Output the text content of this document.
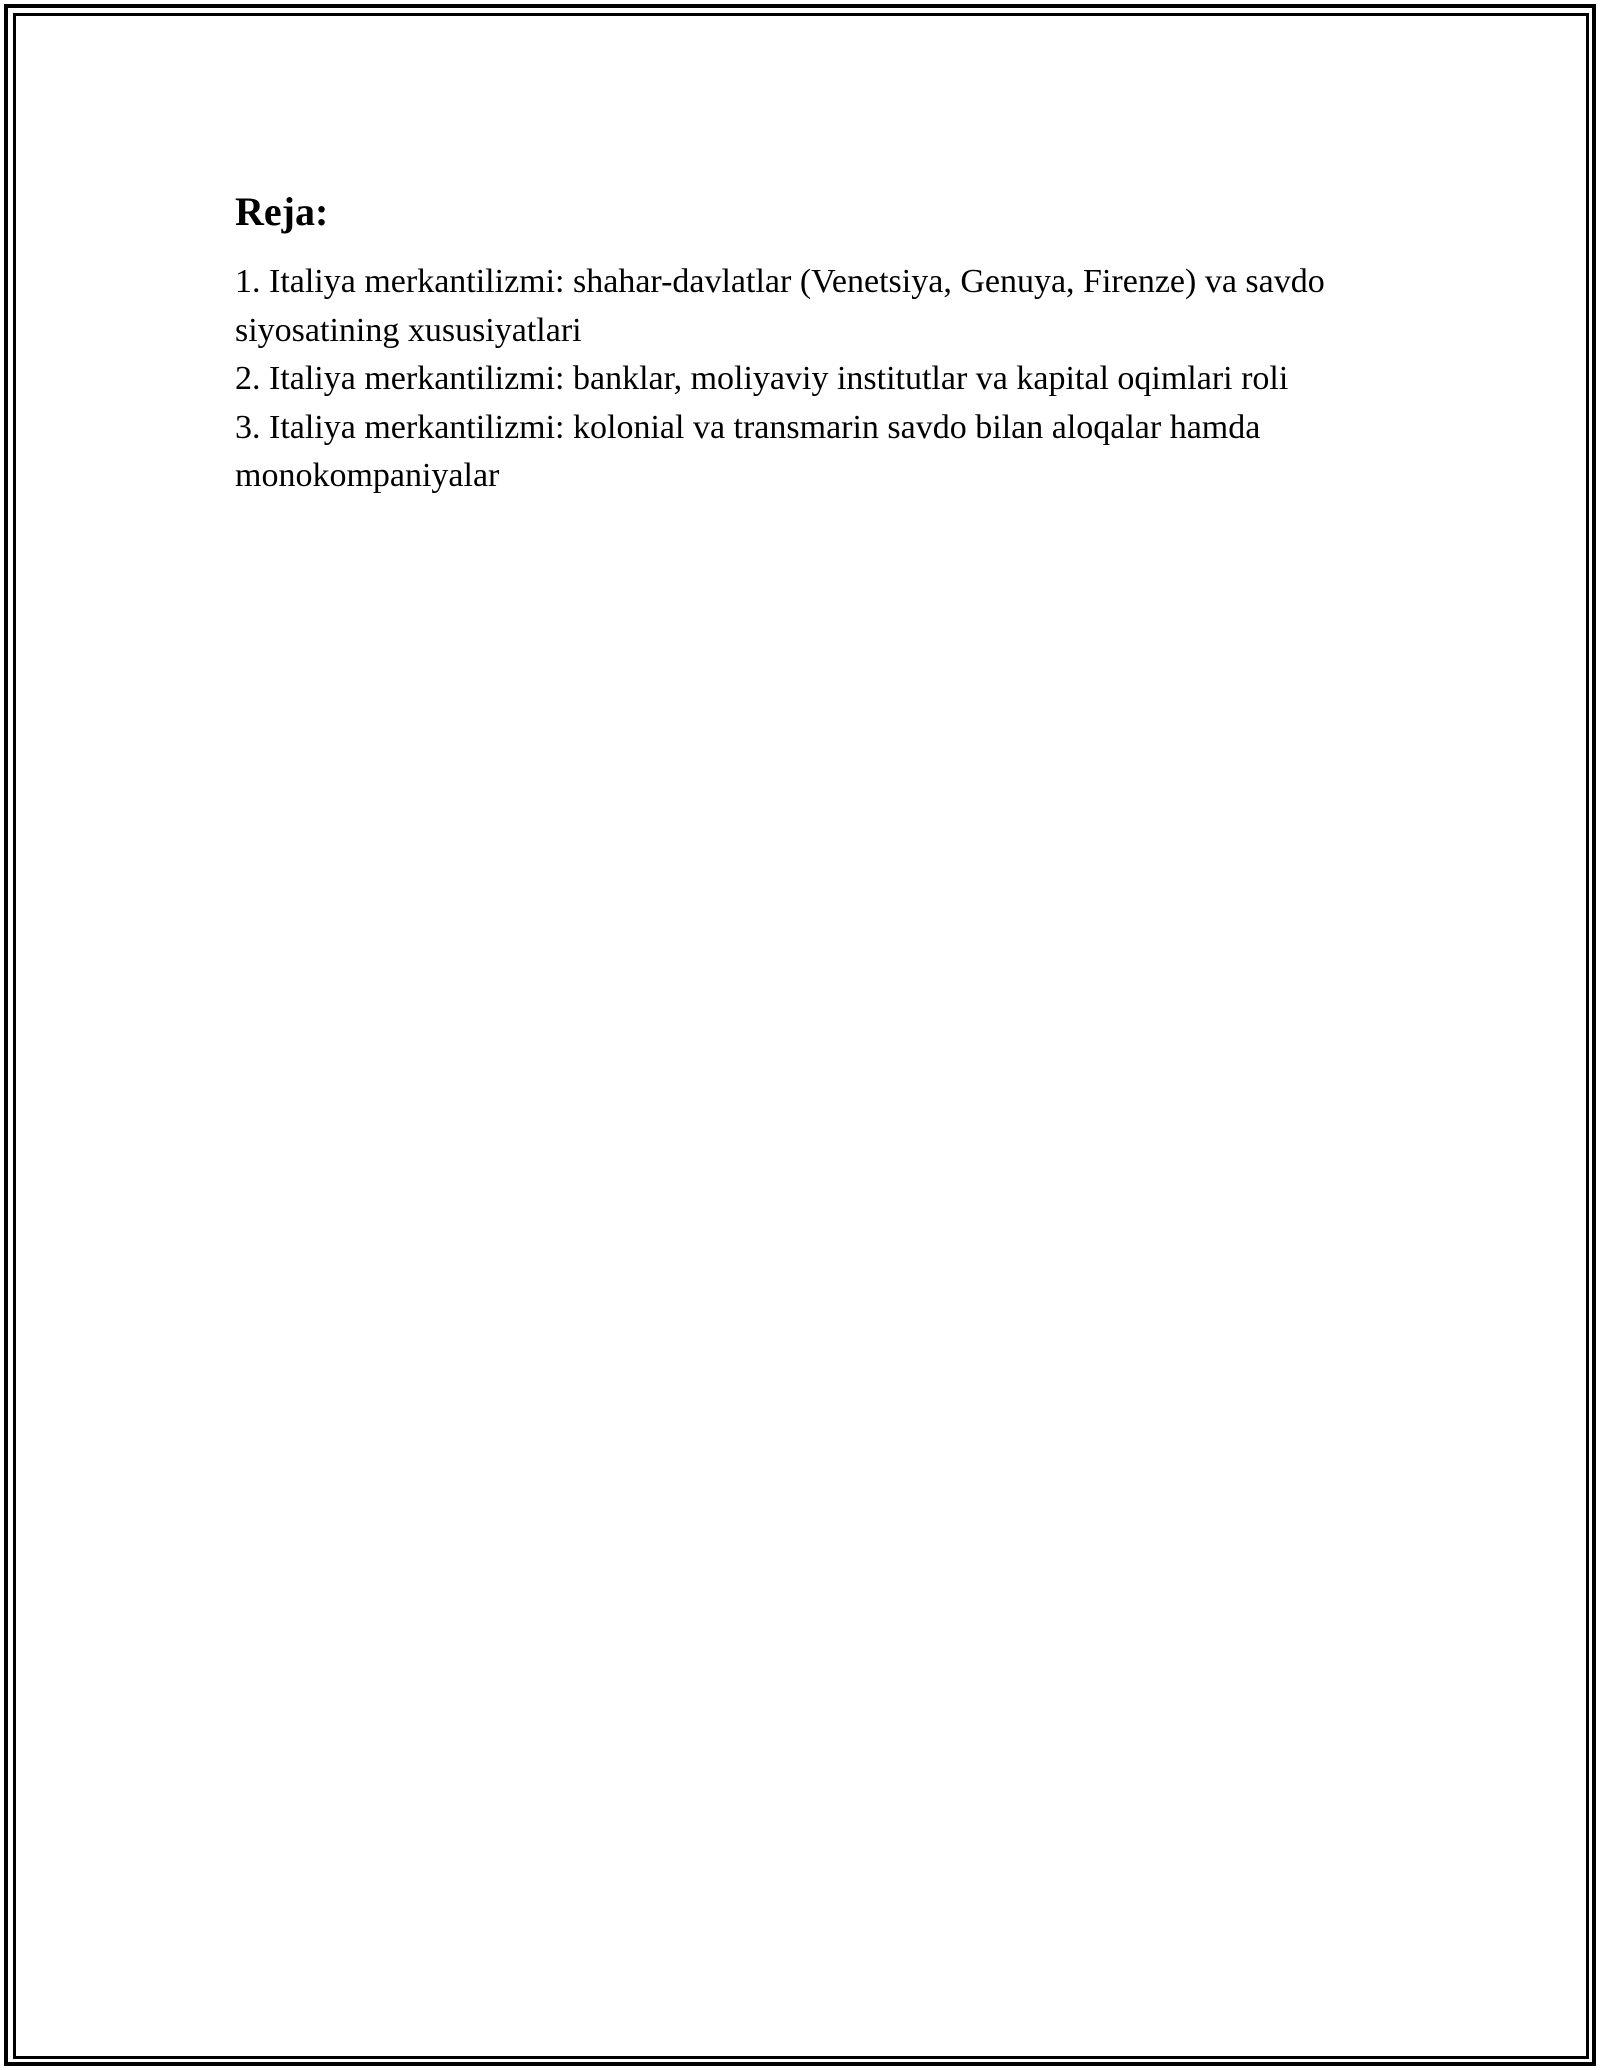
Reja:
1. Italiya merkantilizmi: shahar-davlatlar (Venetsiya, Genuya, Firenze) va savdo siyosatining xususiyatlari
2. Italiya merkantilizmi: banklar, moliyaviy institutlar va kapital oqimlari roli
3. Italiya merkantilizmi: kolonial va transmarin savdo bilan aloqalar hamda monokompaniyalar
